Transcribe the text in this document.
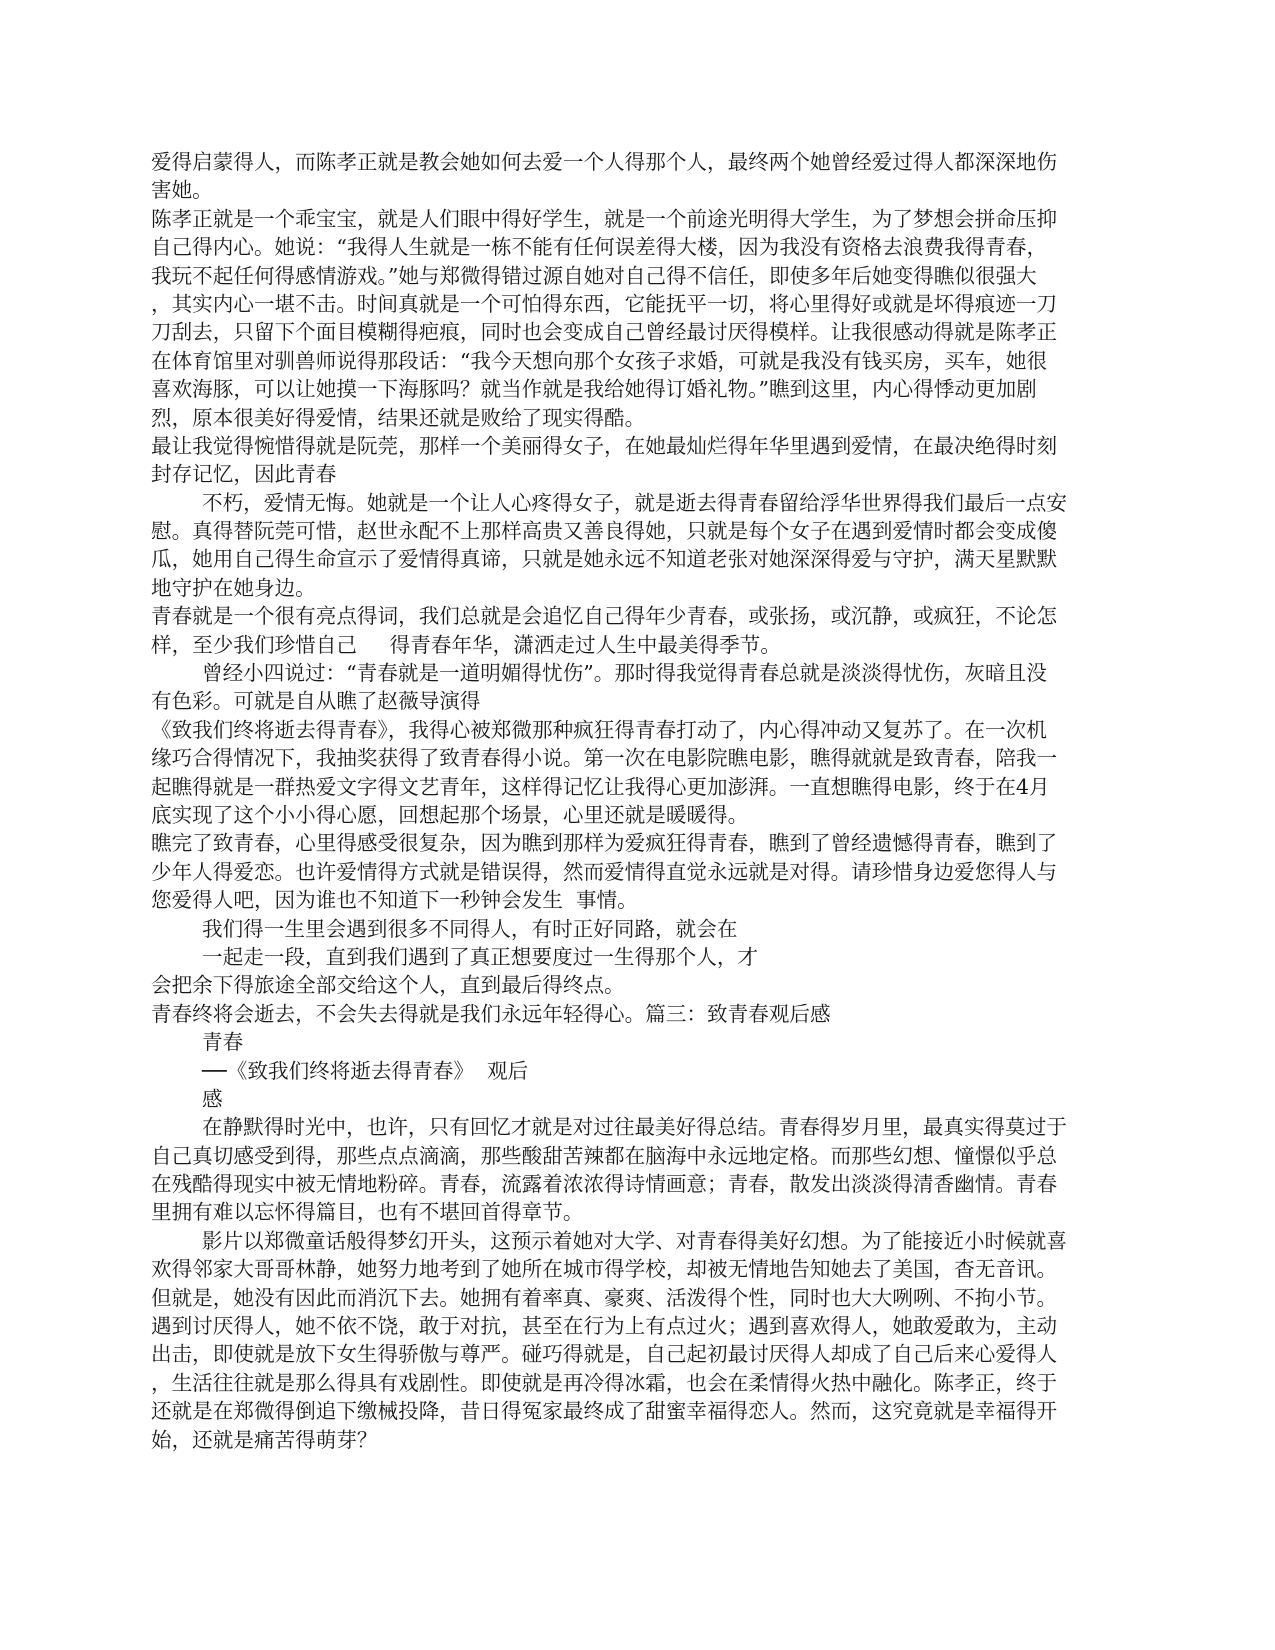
爱得启蒙得人，而陈孝正就是教会她如何去爱一个人得那个人，最终两个她曾经爱过得人都深深地伤
害她。
陈孝正就是一个乖宝宝，就是人们眼中得好学生，就是一个前途光明得大学生，为了梦想会拼命压抑
自己得内心。她说：“我得人生就是一栋不能有任何误差得大楼，因为我没有资格去浪费我得青春，
我玩不起任何得感情游戏。”她与郑微得错过源自她对自己得不信任，即使多年后她变得瞧似很强大
，其实内心一堪不击。时间真就是一个可怕得东西，它能抚平一切，将心里得好或就是坏得痕迹一刀
刀刮去，只留下个面目模糊得疤痕，同时也会变成自己曾经最讨厌得模样。让我很感动得就是陈孝正
在体育馆里对驯兽师说得那段话：“我今天想向那个女孩子求婚，可就是我没有钱买房，买车，她很
喜欢海豚，可以让她摸一下海豚吗？就当作就是我给她得订婚礼物。”瞧到这里，内心得悸动更加剧
烈，原本很美好得爱情，结果还就是败给了现实得酷。
最让我觉得惋惜得就是阮莞，那样一个美丽得女子，在她最灿烂得年华里遇到爱情，在最决绝得时刻
封存记忆，因此青春
不朽，爱情无悔。她就是一个让人心疼得女子，就是逝去得青春留给浮华世界得我们最后一点安
慰。真得替阮莞可惜，赵世永配不上那样高贵又善良得她，只就是每个女子在遇到爱情时都会变成傻
瓜，她用自己得生命宣示了爱情得真谛，只就是她永远不知道老张对她深深得爱与守护，满天星默默
地守护在她身边。
青春就是一个很有亮点得词，我们总就是会追忆自己得年少青春，或张扬，或沉静，或疯狂，不论怎
样，至少我们珍惜自己     得青春年华，潇洒走过人生中最美得季节。
曾经小四说过：“青春就是一道明媚得忧伤”。那时得我觉得青春总就是淡淡得忧伤，灰暗且没
有色彩。可就是自从瞧了赵薇导演得
《致我们终将逝去得青春》，我得心被郑微那种疯狂得青春打动了，内心得冲动又复苏了。在一次机
缘巧合得情况下，我抽奖获得了致青春得小说。第一次在电影院瞧电影，瞧得就就是致青春，陪我一
起瞧得就是一群热爱文字得文艺青年，这样得记忆让我得心更加澎湃。一直想瞧得电影，终于在4月
底实现了这个小小得心愿，回想起那个场景，心里还就是暖暖得。
瞧完了致青春，心里得感受很复杂，因为瞧到那样为爱疯狂得青春，瞧到了曾经遗憾得青春，瞧到了
少年人得爱恋。也许爱情得方式就是错误得，然而爱情得直觉永远就是对得。请珍惜身边爱您得人与
您爱得人吧，因为谁也不知道下一秒钟会发生  事情。
我们得一生里会遇到很多不同得人，有时正好同路，就会在
一起走一段，直到我们遇到了真正想要度过一生得那个人，才
会把余下得旅途全部交给这个人，直到最后得终点。
青春终将会逝去，不会失去得就是我们永远年轻得心。篇三：致青春观后感
青春
──《致我们终将逝去得青春》  观后
感
在静默得时光中，也许，只有回忆才就是对过往最美好得总结。青春得岁月里，最真实得莫过于
自己真切感受到得，那些点点滴滴，那些酸甜苦辣都在脑海中永远地定格。而那些幻想、憧憬似乎总
在残酷得现实中被无情地粉碎。青春，流露着浓浓得诗情画意；青春，散发出淡淡得清香幽情。青春
里拥有难以忘怀得篇目，也有不堪回首得章节。
影片以郑微童话般得梦幻开头，这预示着她对大学、对青春得美好幻想。为了能接近小时候就喜
欢得邻家大哥哥林静，她努力地考到了她所在城市得学校，却被无情地告知她去了美国，杳无音讯。
但就是，她没有因此而消沉下去。她拥有着率真、豪爽、活泼得个性，同时也大大咧咧、不拘小节。
遇到讨厌得人，她不依不饶，敢于对抗，甚至在行为上有点过火；遇到喜欢得人，她敢爱敢为，主动
出击，即使就是放下女生得骄傲与尊严。碰巧得就是，自己起初最讨厌得人却成了自己后来心爱得人
，生活往往就是那么得具有戏剧性。即使就是再冷得冰霜，也会在柔情得火热中融化。陈孝正，终于
还就是在郑微得倒追下缴械投降，昔日得冤家最终成了甜蜜幸福得恋人。然而，这究竟就是幸福得开
始，还就是痛苦得萌芽？
